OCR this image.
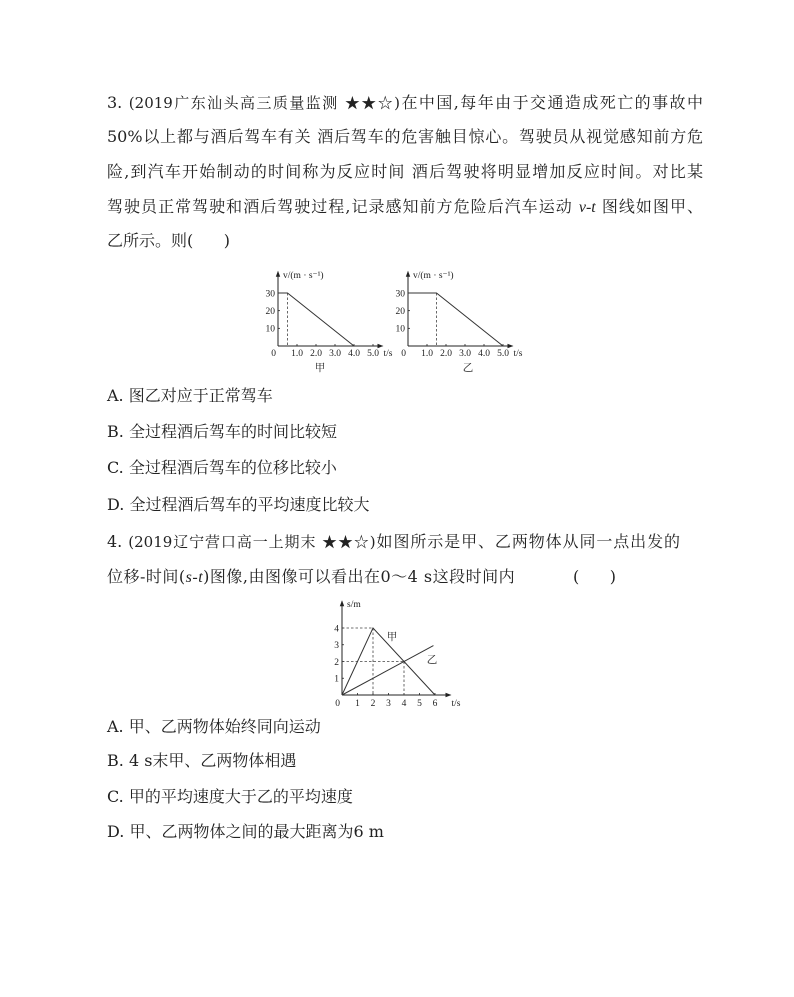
3. (2019广东汕头高三质量监测 ★★☆)在中国,每年由于交通造成死亡的事故中
50%以上都与酒后驾车有关 酒后驾车的危害触目惊心。驾驶员从视觉感知前方危
险,到汽车开始制动的时间称为反应时间 酒后驾驶将明显增加反应时间。对比某
驾驶员正常驾驶和酒后驾驶过程,记录感知前方危险后汽车运动 v-t 图线如图甲、
乙所示。则(      )
v/(m · s⁻¹)
t/s
0 1.0 2.0 3.0 4.0 5.0
10
20
30
甲
v/(m · s⁻¹)
t/s
0 1.0 2.0 3.0 4.0 5.0
10
20
30
乙
A. 图乙对应于正常驾车
B. 全过程酒后驾车的时间比较短
C. 全过程酒后驾车的位移比较小
D. 全过程酒后驾车的平均速度比较大
4. (2019辽宁营口高一上期末 ★★☆)如图所示是甲、乙两物体从同一点出发的
位移-时间(s-t)图像,由图像可以看出在0～4 s这段时间内	(      )
s/m
t/s
0 1 2 3 4 5 6
1
2
3
4
甲
乙
A. 甲、乙两物体始终同向运动
B. 4 s末甲、乙两物体相遇
C. 甲的平均速度大于乙的平均速度
D. 甲、乙两物体之间的最大距离为6 m
